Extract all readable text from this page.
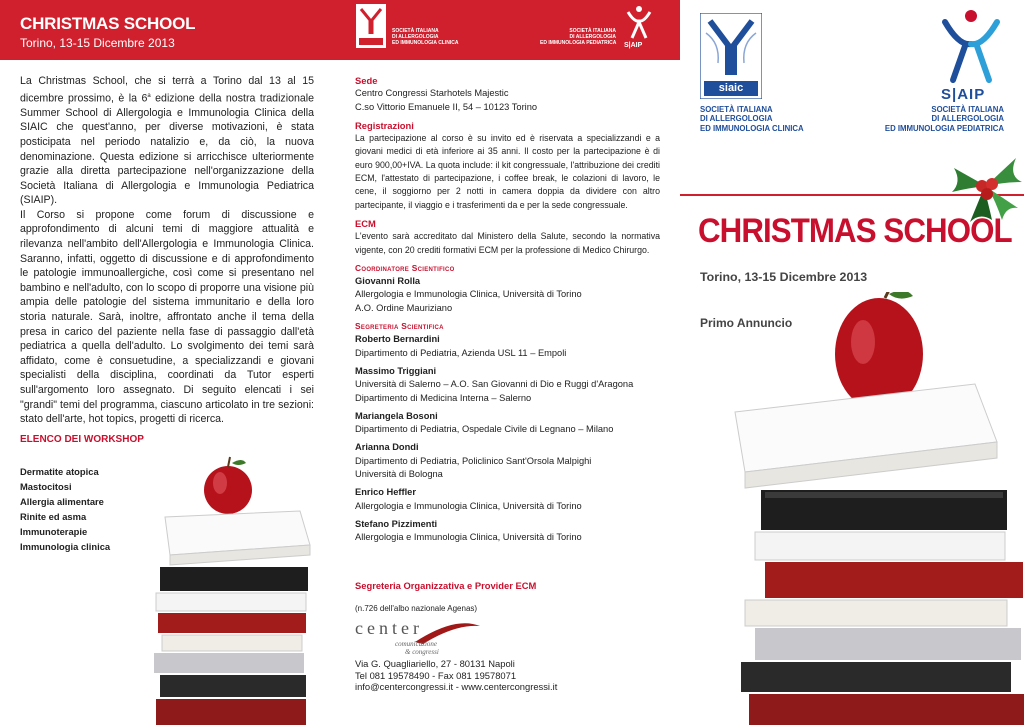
CHRISTMAS SCHOOL
Torino, 13-15 Dicembre 2013
SOCIETÀ ITALIANA
DI ALLERGOLOGIA
ED IMMUNOLOGIA CLINICA
SOCIETÀ ITALIANA
DI ALLERGOLOGIA
ED IMMUNOLOGIA PEDIATRICA S|AIP

La Christmas School, che si terrà a Torino dal 13 al 15 dicembre prossimo, è la 6$^a$ edizione della nostra tradizionale Summer School di Allergologia e Immunologia Clinica della SIAIC che quest'anno, per diverse motivazioni, è stata posticipata nel periodo natalizio e, da ciò, la nuova denominazione. Questa edizione si arricchisce ulteriormente grazie alla diretta partecipazione nell'organizzazione della Società Italiana di Allergologia e Immunologia Pediatrica (SIAIP).

Il Corso si propone come forum di discussione e approfondimento di alcuni temi di maggiore attualità e rilevanza nell'ambito dell'Allergologia e Immunologia Clinica. Saranno, infatti, oggetto di discussione e di approfondimento le patologie immunoallergiche, così come si presentano nel bambino e nell'adulto, con lo scopo di proporre una visione più ampia delle patologie del sistema immunitario e della loro storia naturale. Sarà, inoltre, affrontato anche il tema della presa in carico del paziente nella fase di passaggio dall'età pediatrica a quella dell'adulto. Lo svolgimento dei temi sarà affidato, come è consuetudine, a specializzandi e giovani specialisti della disciplina, coordinati da Tutor esperti sull'argomento loro assegnato. Di seguito elencati i sei "grandi" temi del programma, ciascuno articolato in tre sezioni: stato dell'arte, hot topics, progetti di ricerca.

ELENCO DEI WORKSHOP
Dermatite atopica
Mastocitosi
Allergia alimentare
Rinite ed asma
Immunoterapie
Immunologia clinica
Sede
Centro Congressi Starhotels Majestic
C.so Vittorio Emanuele II, 54 – 10123 Torino
Registrazioni
La partecipazione al corso è su invito ed è riservata a specializzandi e a giovani medici di età inferiore ai 35 anni. Il costo per la partecipazione è di euro 900,00+IVA. La quota include: il kit congressuale, l'attribuzione dei crediti ECM, l'attestato di partecipazione, i coffee break, le colazioni di lavoro, le cene, il soggiorno per 2 notti in camera doppia da dividere con altro partecipante, il viaggio e i trasferimenti da e per la sede congressuale.
ECM
L'evento sarà accreditato dal Ministero della Salute, secondo la normativa vigente, con 20 crediti formativi ECM per la professione di Medico Chirurgo.
Coordinatore Scientifico
Giovanni Rolla
Allergologia e Immunologia Clinica, Università di Torino
A.O. Ordine Mauriziano
Segreteria Scientifica
Roberto Bernardini
Dipartimento di Pediatria, Azienda USL 11 – Empoli
Massimo Triggiani
Università di Salerno – A.O. San Giovanni di Dio e Ruggi d'Aragona
Dipartimento di Medicina Interna – Salerno
Mariangela Bosoni
Dipartimento di Pediatria, Ospedale Civile di Legnano – Milano
Arianna Dondi
Dipartimento di Pediatria, Policlinico Sant'Orsola Malpighi
Università di Bologna
Enrico Heffler
Allergologia e Immunologia Clinica, Università di Torino
Stefano Pizzimenti
Allergologia e Immunologia Clinica, Università di Torino
Segreteria Organizzativa e Provider ECM
(n.726 dell'albo nazionale Agenas)
center
comunicazione
& congressi
Via G. Quagliariello, 27 - 80131 Napoli
Tel 081 19578490 - Fax 081 19578071
info@centercongressi.it - www.centercongressi.it
siaic	S|AIP
SOCIETÀ ITALIANA
DI ALLERGOLOGIA
ED IMMUNOLOGIA CLINICA
SOCIETÀ ITALIANA
DI ALLERGOLOGIA
ED IMMUNOLOGIA PEDIATRICA
CHRISTMAS SCHOOL
Torino, 13-15 Dicembre 2013
Primo Annuncio
